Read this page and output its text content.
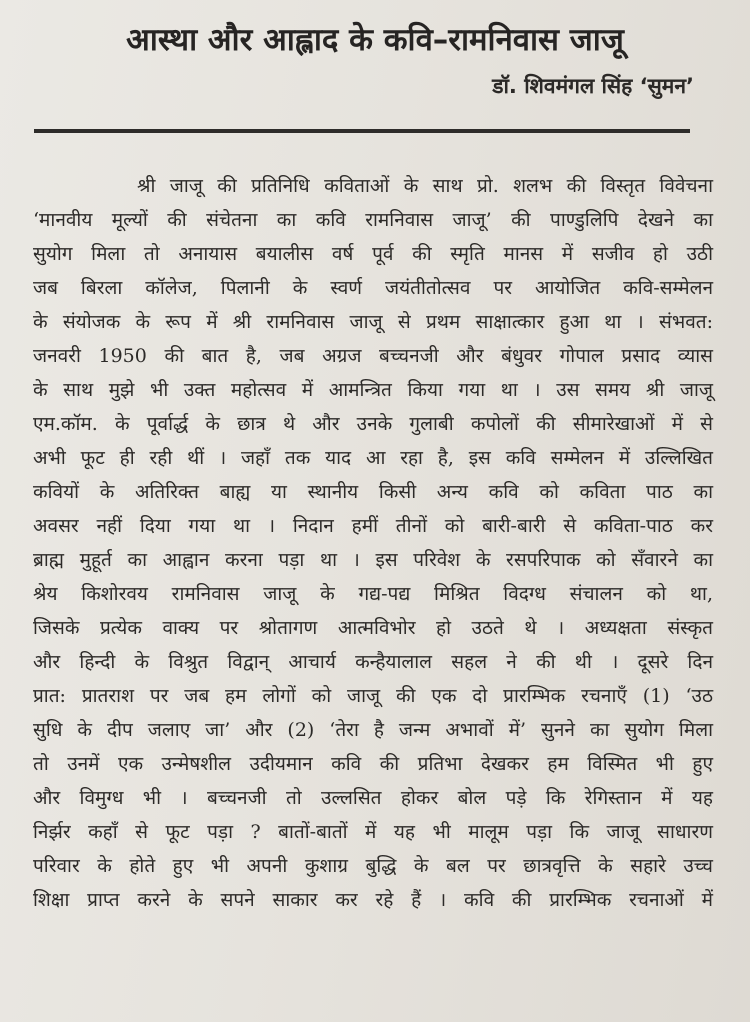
आस्था और आह्लाद के कवि–रामनिवास जाजू
डॉ. शिवमंगल सिंह ‘सुमन’
श्री जाजू की प्रतिनिधि कविताओं के साथ प्रो. शलभ की विस्तृत विवेचना
‘मानवीय मूल्यों की संचेतना का कवि रामनिवास जाजू’ की पाण्डुलिपि देखने का
सुयोग मिला तो अनायास बयालीस वर्ष पूर्व की स्मृति मानस में सजीव हो उठी
जब बिरला कॉलेज, पिलानी के स्वर्ण जयंतीतोत्सव पर आयोजित कवि-सम्मेलन
के संयोजक के रूप में श्री रामनिवास जाजू से प्रथम साक्षात्कार हुआ था । संभवत:
जनवरी 1950 की बात है, जब अग्रज बच्चनजी और बंधुवर गोपाल प्रसाद व्यास
के साथ मुझे भी उक्त महोत्सव में आमन्त्रित किया गया था । उस समय श्री जाजू
एम.कॉम. के पूर्वार्द्ध के छात्र थे और उनके गुलाबी कपोलों की सीमारेखाओं में से
अभी फूट ही रही थीं । जहाँ तक याद आ रहा है, इस कवि सम्मेलन में उल्लिखित
कवियों के अतिरिक्त बाह्य या स्थानीय किसी अन्य कवि को कविता पाठ का
अवसर नहीं दिया गया था । निदान हमीं तीनों को बारी-बारी से कविता-पाठ कर
ब्राह्म मुहूर्त का आह्वान करना पड़ा था । इस परिवेश के रसपरिपाक को सँवारने का
श्रेय किशोरवय रामनिवास जाजू के गद्य-पद्य मिश्रित विदग्ध संचालन को था,
जिसके प्रत्येक वाक्य पर श्रोतागण आत्मविभोर हो उठते थे । अध्यक्षता संस्कृत
और हिन्दी के विश्रुत विद्वान् आचार्य कन्हैयालाल सहल ने की थी । दूसरे दिन
प्रात: प्रातराश पर जब हम लोगों को जाजू की एक दो प्रारम्भिक रचनाएँ (1) ‘उठ
सुधि के दीप जलाए जा’ और (2) ‘तेरा है जन्म अभावों में’ सुनने का सुयोग मिला
तो उनमें एक उन्मेषशील उदीयमान कवि की प्रतिभा देखकर हम विस्मित भी हुए
और विमुग्ध भी । बच्चनजी तो उल्लसित होकर बोल पड़े कि रेगिस्तान में यह
निर्झर कहाँ से फूट पड़ा ? बातों-बातों में यह भी मालूम पड़ा कि जाजू साधारण
परिवार के होते हुए भी अपनी कुशाग्र बुद्धि के बल पर छात्रवृत्ति के सहारे उच्च
शिक्षा प्राप्त करने के सपने साकार कर रहे हैं । कवि की प्रारम्भिक रचनाओं में
